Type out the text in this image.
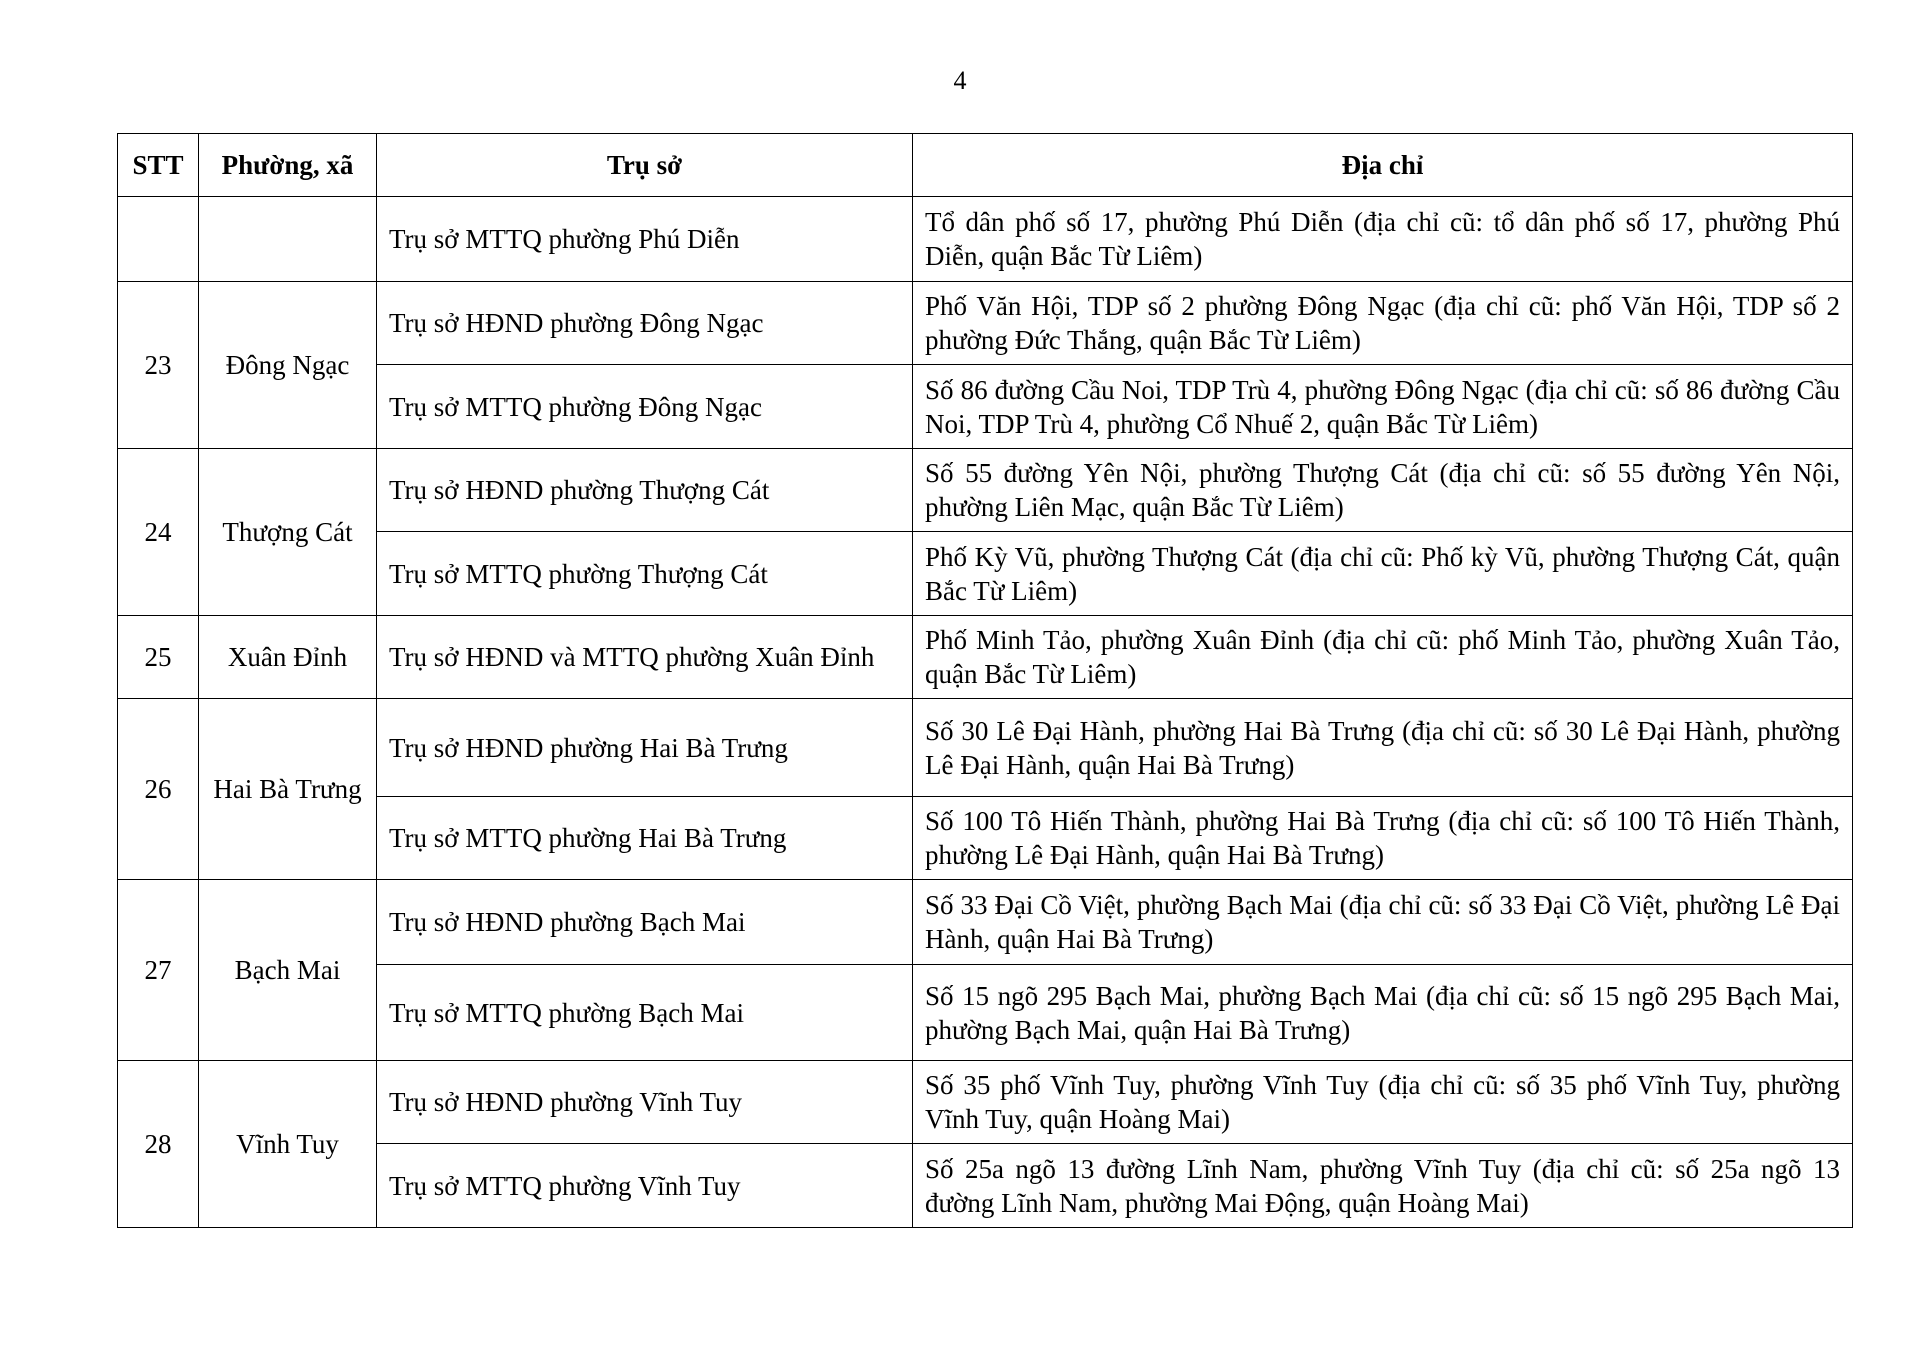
4
STT	Phường, xã	Trụ sở	Địa chỉ
		Trụ sở MTTQ phường Phú Diễn	Tổ dân phố số 17, phường Phú Diễn (địa chỉ cũ: tổ dân phố số 17, phường Phú Diễn, quận Bắc Từ Liêm)
23	Đông Ngạc	Trụ sở HĐND phường Đông Ngạc	Phố Văn Hội, TDP số 2 phường Đông Ngạc (địa chỉ cũ: phố Văn Hội, TDP số 2 phường Đức Thắng, quận Bắc Từ Liêm)
		Trụ sở MTTQ phường Đông Ngạc	Số 86 đường Cầu Noi, TDP Trù 4, phường Đông Ngạc (địa chỉ cũ: số 86 đường Cầu Noi, TDP Trù 4, phường Cổ Nhuế 2, quận Bắc Từ Liêm)
24	Thượng Cát	Trụ sở HĐND phường Thượng Cát	Số 55 đường Yên Nội, phường Thượng Cát (địa chỉ cũ: số 55 đường Yên Nội, phường Liên Mạc, quận Bắc Từ Liêm)
		Trụ sở MTTQ phường Thượng Cát	Phố Kỳ Vũ, phường Thượng Cát (địa chỉ cũ: Phố kỳ Vũ, phường Thượng Cát, quận Bắc Từ Liêm)
25	Xuân Đỉnh	Trụ sở HĐND và MTTQ phường Xuân Đỉnh	Phố Minh Tảo, phường Xuân Đỉnh (địa chỉ cũ: phố Minh Tảo, phường Xuân Tảo, quận Bắc Từ Liêm)
26	Hai Bà Trưng	Trụ sở HĐND phường Hai Bà Trưng	Số 30 Lê Đại Hành, phường Hai Bà Trưng (địa chỉ cũ: số 30 Lê Đại Hành, phường Lê Đại Hành, quận Hai Bà Trưng)
		Trụ sở MTTQ phường Hai Bà Trưng	Số 100 Tô Hiến Thành, phường Hai Bà Trưng (địa chỉ cũ: số 100 Tô Hiến Thành, phường Lê Đại Hành, quận Hai Bà Trưng)
27	Bạch Mai	Trụ sở HĐND phường Bạch Mai	Số 33 Đại Cồ Việt, phường Bạch Mai (địa chỉ cũ: số 33 Đại Cồ Việt, phường Lê Đại Hành, quận Hai Bà Trưng)
		Trụ sở MTTQ phường Bạch Mai	Số 15 ngõ 295 Bạch Mai, phường Bạch Mai (địa chỉ cũ: số 15 ngõ 295 Bạch Mai, phường Bạch Mai, quận Hai Bà Trưng)
28	Vĩnh Tuy	Trụ sở HĐND phường Vĩnh Tuy	Số 35 phố Vĩnh Tuy, phường Vĩnh Tuy (địa chỉ cũ: số 35 phố Vĩnh Tuy, phường Vĩnh Tuy, quận Hoàng Mai)
		Trụ sở MTTQ phường Vĩnh Tuy	Số 25a ngõ 13 đường Lĩnh Nam, phường Vĩnh Tuy (địa chỉ cũ: số 25a ngõ 13 đường Lĩnh Nam, phường Mai Động, quận Hoàng Mai)
